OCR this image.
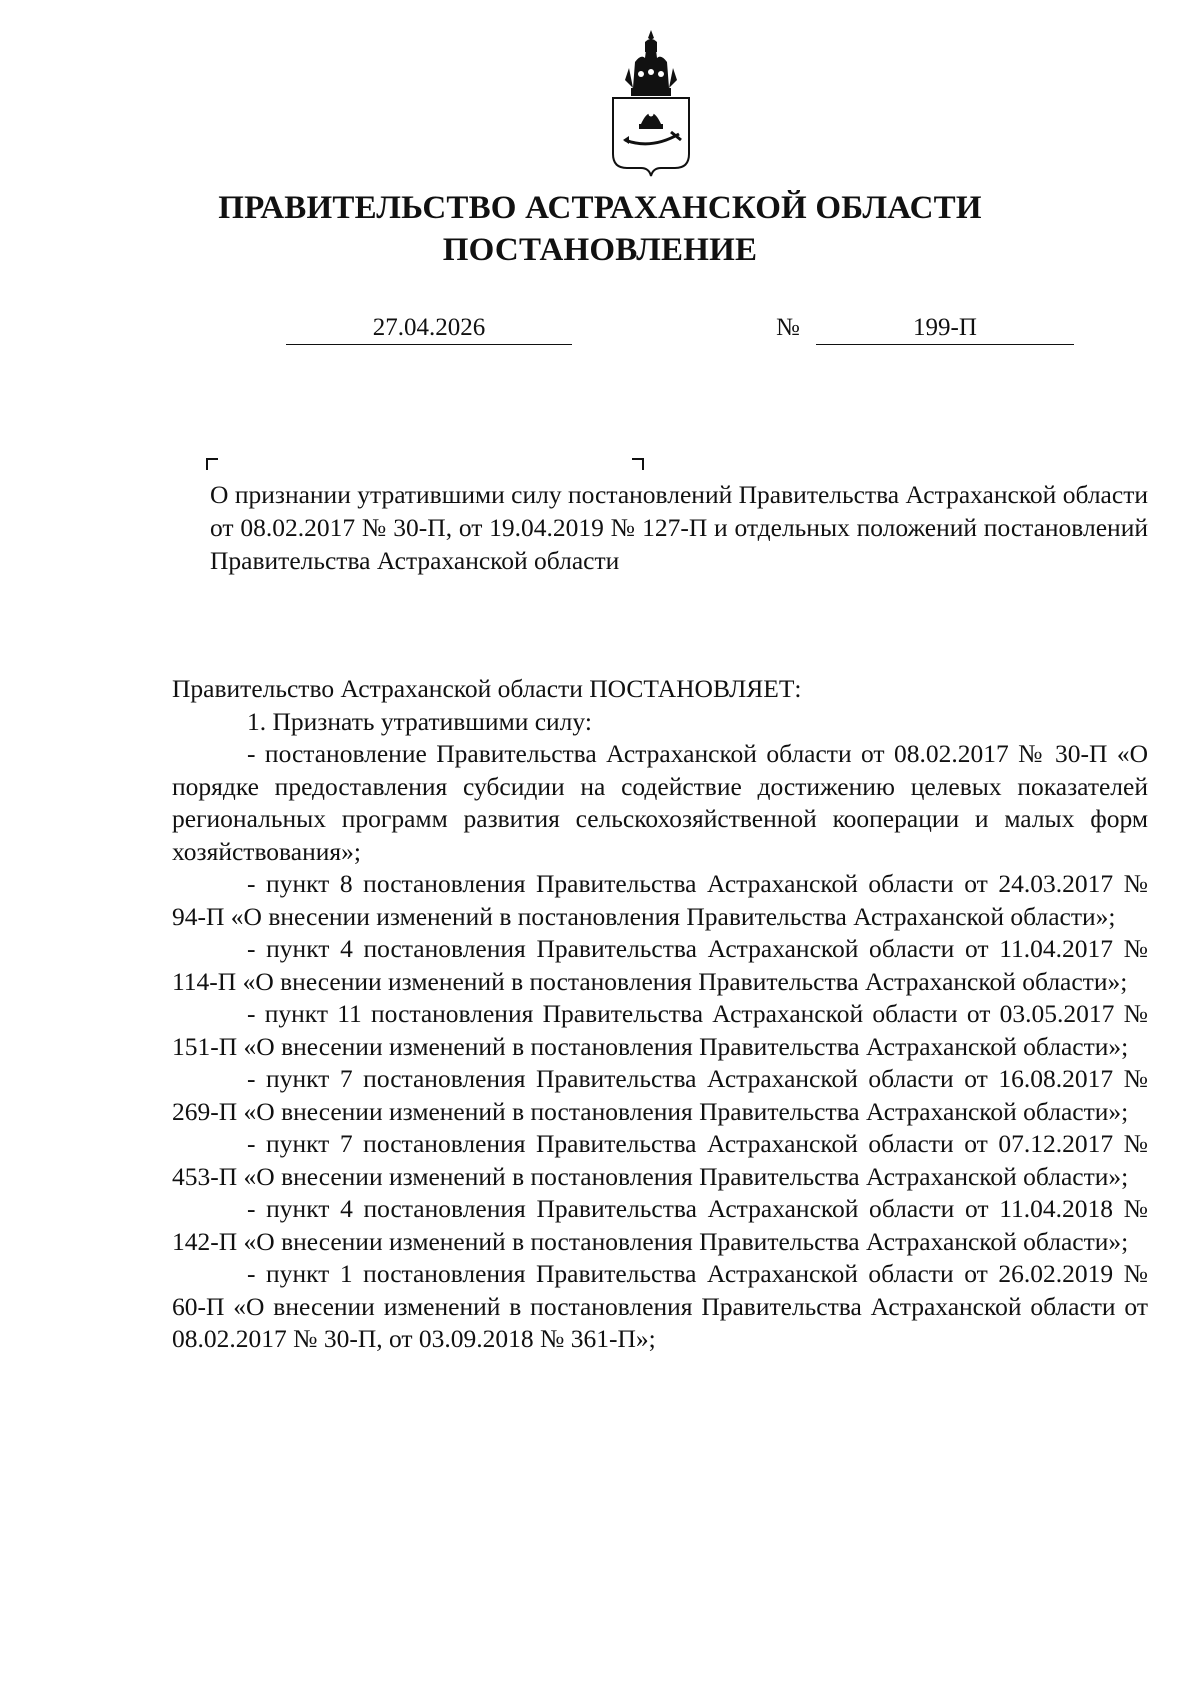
ПРАВИТЕЛЬСТВО АСТРАХАНСКОЙ ОБЛАСТИ
ПОСТАНОВЛЕНИЕ
27.04.2026	№	199-П
О признании утратившими силу постановлений Правительства Астраханской области от 08.02.2017 № 30-П, от 19.04.2019 № 127-П и отдельных положений постановлений Правительства Астраханской области

Правительство Астраханской области ПОСТАНОВЛЯЕТ:

1. Признать утратившими силу:

- постановление Правительства Астраханской области от 08.02.2017 № 30-П «О порядке предоставления субсидии на содействие достижению целевых показателей региональных программ развития сельскохозяйственной кооперации и малых форм хозяйствования»;

- пункт 8 постановления Правительства Астраханской области от 24.03.2017 № 94-П «О внесении изменений в постановления Правительства Астраханской области»;

- пункт 4 постановления Правительства Астраханской области от 11.04.2017 № 114-П «О внесении изменений в постановления Правительства Астраханской области»;

- пункт 11 постановления Правительства Астраханской области от 03.05.2017 № 151-П «О внесении изменений в постановления Правительства Астраханской области»;

- пункт 7 постановления Правительства Астраханской области от 16.08.2017 № 269-П «О внесении изменений в постановления Правительства Астраханской области»;

- пункт 7 постановления Правительства Астраханской области от 07.12.2017 № 453-П «О внесении изменений в постановления Правительства Астраханской области»;

- пункт 4 постановления Правительства Астраханской области от 11.04.2018 № 142-П «О внесении изменений в постановления Правительства Астраханской области»;

- пункт 1 постановления Правительства Астраханской области от 26.02.2019 № 60-П «О внесении изменений в постановления Правительства Астраханской области от 08.02.2017 № 30-П, от 03.09.2018 № 361-П»;
